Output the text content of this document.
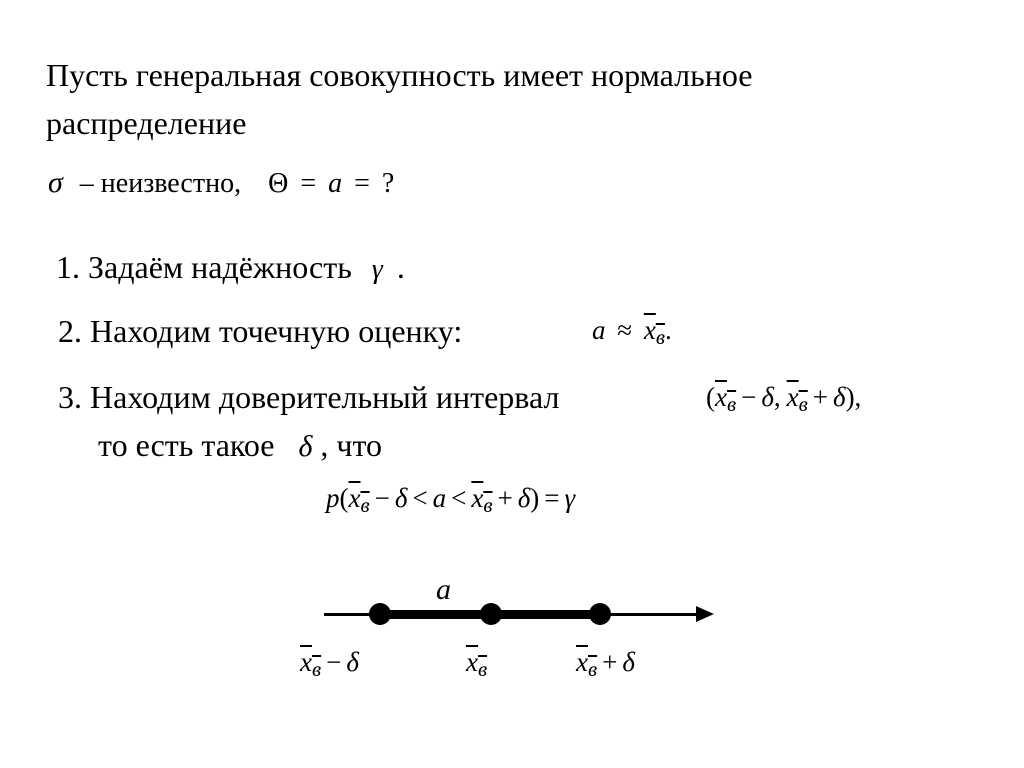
Пусть генеральная совокупность имеет нормальное
распределение
σ – неизвестно, Θ = a = ?
1. Задаём надёжность γ .
2. Находим точечную оценку:	a ≈ xв.
3. Находим доверительный интервал	(xв − δ, xв + δ),
то есть такое δ , что
p(xв − δ < a < xв + δ) = γ
a
xв − δ	xв	xв + δ
